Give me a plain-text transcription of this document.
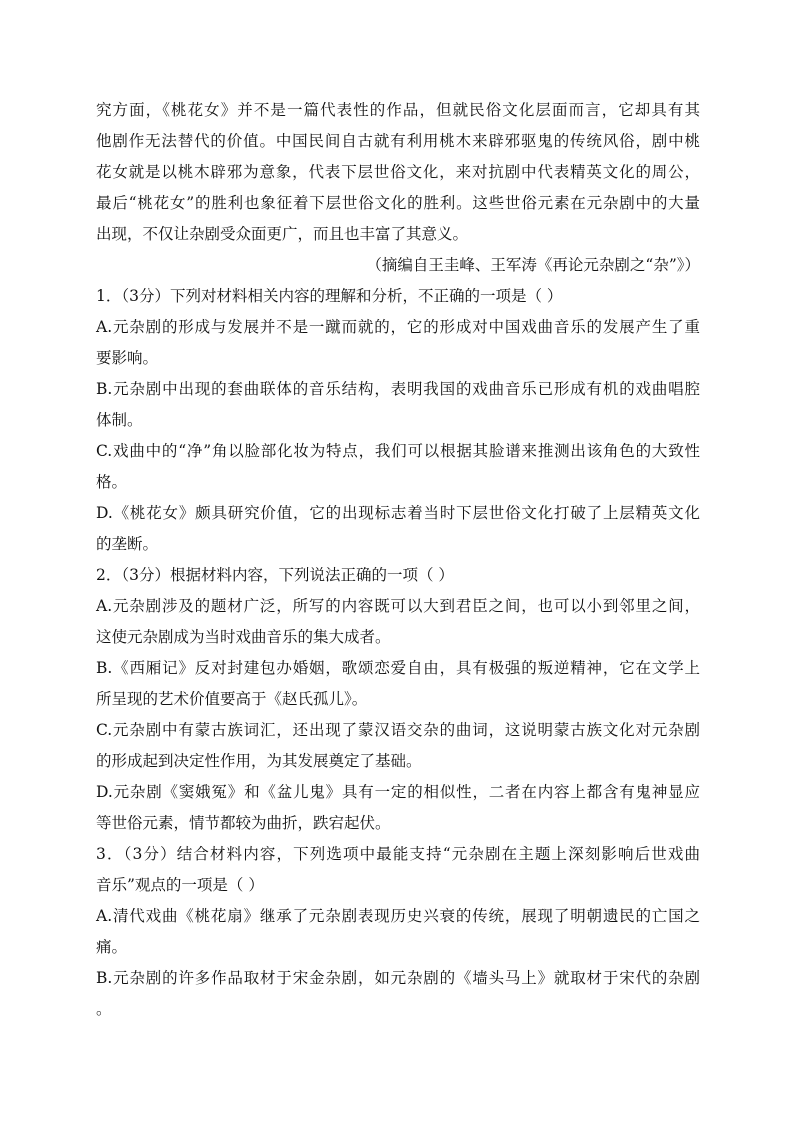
究方面，《桃花女》并不是一篇代表性的作品，但就民俗文化层面而言，它却具有其
他剧作无法替代的价值。中国民间自古就有利用桃木来辟邪驱鬼的传统风俗，剧中桃
花女就是以桃木辟邪为意象，代表下层世俗文化，来对抗剧中代表精英文化的周公，
最后“桃花女”的胜利也象征着下层世俗文化的胜利。这些世俗元素在元杂剧中的大量
出现，不仅让杂剧受众面更广，而且也丰富了其意义。
（摘编自王圭峰、王军涛《再论元杂剧之“杂”》）
1．（3分）下列对材料相关内容的理解和分析，不正确的一项是（ ）
A.元杂剧的形成与发展并不是一蹴而就的，它的形成对中国戏曲音乐的发展产生了重
要影响。
B.元杂剧中出现的套曲联体的音乐结构，表明我国的戏曲音乐已形成有机的戏曲唱腔
体制。
C.戏曲中的“净”角以脸部化妆为特点，我们可以根据其脸谱来推测出该角色的大致性
格。
D.《桃花女》颇具研究价值，它的出现标志着当时下层世俗文化打破了上层精英文化
的垄断。
2．（3分）根据材料内容，下列说法正确的一项（ ）
A.元杂剧涉及的题材广泛，所写的内容既可以大到君臣之间，也可以小到邻里之间，
这使元杂剧成为当时戏曲音乐的集大成者。
B.《西厢记》反对封建包办婚姻，歌颂恋爱自由，具有极强的叛逆精神，它在文学上
所呈现的艺术价值要高于《赵氏孤儿》。
C.元杂剧中有蒙古族词汇，还出现了蒙汉语交杂的曲词，这说明蒙古族文化对元杂剧
的形成起到决定性作用，为其发展奠定了基础。
D.元杂剧《窦娥冤》和《盆儿鬼》具有一定的相似性，二者在内容上都含有鬼神显应
等世俗元素，情节都较为曲折，跌宕起伏。
3．（3分）结合材料内容，下列选项中最能支持“元杂剧在主题上深刻影响后世戏曲
音乐”观点的一项是（ ）
A.清代戏曲《桃花扇》继承了元杂剧表现历史兴衰的传统，展现了明朝遗民的亡国之
痛。
B.元杂剧的许多作品取材于宋金杂剧，如元杂剧的《墙头马上》就取材于宋代的杂剧
。
